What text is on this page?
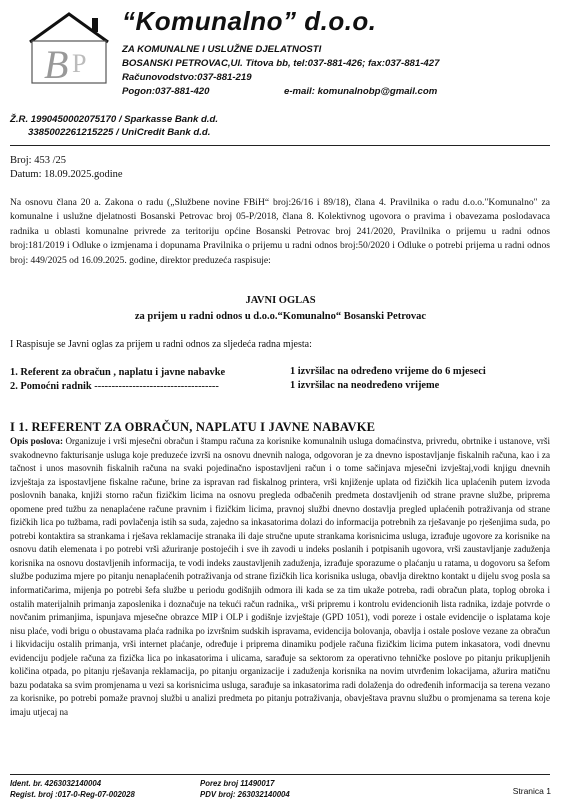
B P
“Komunalno” d.o.o.
ZA KOMUNALNE I USLUŽNE DJELATNOSTI
BOSANSKI PETROVAC,Ul. Titova bb, tel:037-881-426; fax:037-881-427
Računovodstvo:037-881-219
Pogon:037-881-420	e-mail: komunalnobp@gmail.com
Ž.R. 1990450002075170 / Sparkasse Bank d.d.
3385002261215225 / UniCredit Bank d.d.
Broj: 453 /25
Datum: 18.09.2025.godine
Na osnovu člana 20 a. Zakona o radu („Službene novine FBiH“ broj:26/16 i 89/18), člana 4. Pravilnika o radu d.o.o."Komunalno" za komunalne i uslužne djelatnosti Bosanski Petrovac broj 05-P/2018, člana 8. Kolektivnog ugovora o pravima i obavezama poslodavaca radnika u oblasti komunalne privrede za teritoriju općine Bosanski Petrovac broj 241/2020, Pravilnika o prijemu u radni odnos broj:181/2019 i Odluke o izmjenama i dopunama Pravilnika o prijemu u radni odnos broj:50/2020 i Odluke o potrebi prijema u radni odnos broj: 449/2025 od 16.09.2025. godine, direktor preduzeća raspisuje:
JAVNI OGLAS
za prijem u radni odnos u d.o.o.“Komunalno“ Bosanski Petrovac
I Raspisuje se Javni oglas za prijem u radni odnos za sljedeća radna mjesta:
1. Referent za obračun , naplatu i javne nabavke	1 izvršilac na određeno vrijeme do 6 mjeseci
2. Pomoćni radnik ------------------------------------	1 izvršilac na neodređeno vrijeme
I 1. REFERENT ZA OBRAČUN, NAPLATU I JAVNE NABAVKE
Opis poslova: Organizuje i vrši mjesečni obračun i štampu računa za korisnike komunalnih usluga domaćinstva, privredu, obrtnike i ustanove, vrši svakodnevno fakturisanje usluga koje preduzeće izvrši na osnovu dnevnih naloga, odgovoran je za dnevno ispostavljanje fiskalnih računa, kao i za tačnost i unos masovnih fiskalnih računa na svaki pojedinačno ispostavljeni račun i o tome sačinjava mjesečni izvještaj,vodi knjigu dnevnih izvještaja za ispostavljene fiskalne račune, brine za ispravan rad fiskalnog printera, vrši knjiženje uplata od fizičkih lica uplaćenih putem izvoda poslovnih banaka, knjiži storno račun fizičkim licima na osnovu pregleda odbačenih predmeta dostavljenih od strane pravne službe, priprema opomene pred tužbu za nenaplaćene račune pravnim i fizičkim licima, pravnoj službi dnevno dostavlja pregled uplaćenih potraživanja od strane fizičkih lica po tužbama, radi povlačenja istih sa suda, zajedno sa inkasatorima dolazi do informacija potrebnih za rješavanje po rješenjima suda, po potrebi kontaktira sa strankama i rješava reklamacije stranaka ili daje stručne upute strankama korisnicima usluga, izrađuje ugovore za korisnike na osnovu datih elemenata i po potrebi vrši ažuriranje postojećih i sve ih zavodi u indeks poslanih i potpisanih ugovora, vrši zaustavljanje zaduženja korisnika na osnovu dostavljenih informacija, te vodi indeks zaustavljenih zaduženja, izrađuje sporazume o plaćanju u ratama, u dogovoru sa šefom službe poduzima mjere po pitanju nenaplaćenih potraživanja od strane fizičkih lica korisnika usluga, obavlja direktno kontakt u dijelu svog posla sa informatičarima, mijenja po potrebi šefa službe u periodu godišnjih odmora ili kada se za tim ukaže potreba, radi obračun plata, toplog obroka i ostalih materijalnih primanja zaposlenika i doznačuje na tekući račun radnika,, vrši pripremu i kontrolu evidencionih lista radnika, izdaje potvrde o novčanim primanjima, ispunjava mjesečne obrazce MIP i OLP i godišnje izvještaje (GPD 1051), vodi poreze i ostale evidencije o isplatama koje nisu plaće, vodi brigu o obustavama plaća radnika po izvršnim sudskih ispravama, evidencija bolovanja, obavlja i ostale poslove vezane za obračun i likvidaciju ostalih primanja, vrši internet plaćanje, određuje i priprema dinamiku podjele računa fizičkim licima putem inkasatora, vodi dnevnu evidenciju podjele računa za fizička lica po inkasatorima i ulicama, sarađuje sa sektorom za operativno tehničke poslove po pitanju prikupljenih količina otpada, po pitanju rješavanja reklamacija, po pitanju organizacije i zaduženja korisnika na novim utvrđenim lokacijama, ažurira matičnu bazu podataka sa svim promjenama u vezi sa korisnicima usluga, sarađuje sa inkasatorima radi dolaženja do određenih informacija sa terena vezano za korisnike, po potrebi pomaže pravnoj službi u analizi predmeta po pitanju potraživanja, obavještava pravnu službu o promjenama sa terena koje imaju utjecaj na
Ident. br. 4263032140004
Regist. broj :017-0-Reg-07-002028
Porez broj 11490017
PDV broj: 263032140004	Stranica 1
